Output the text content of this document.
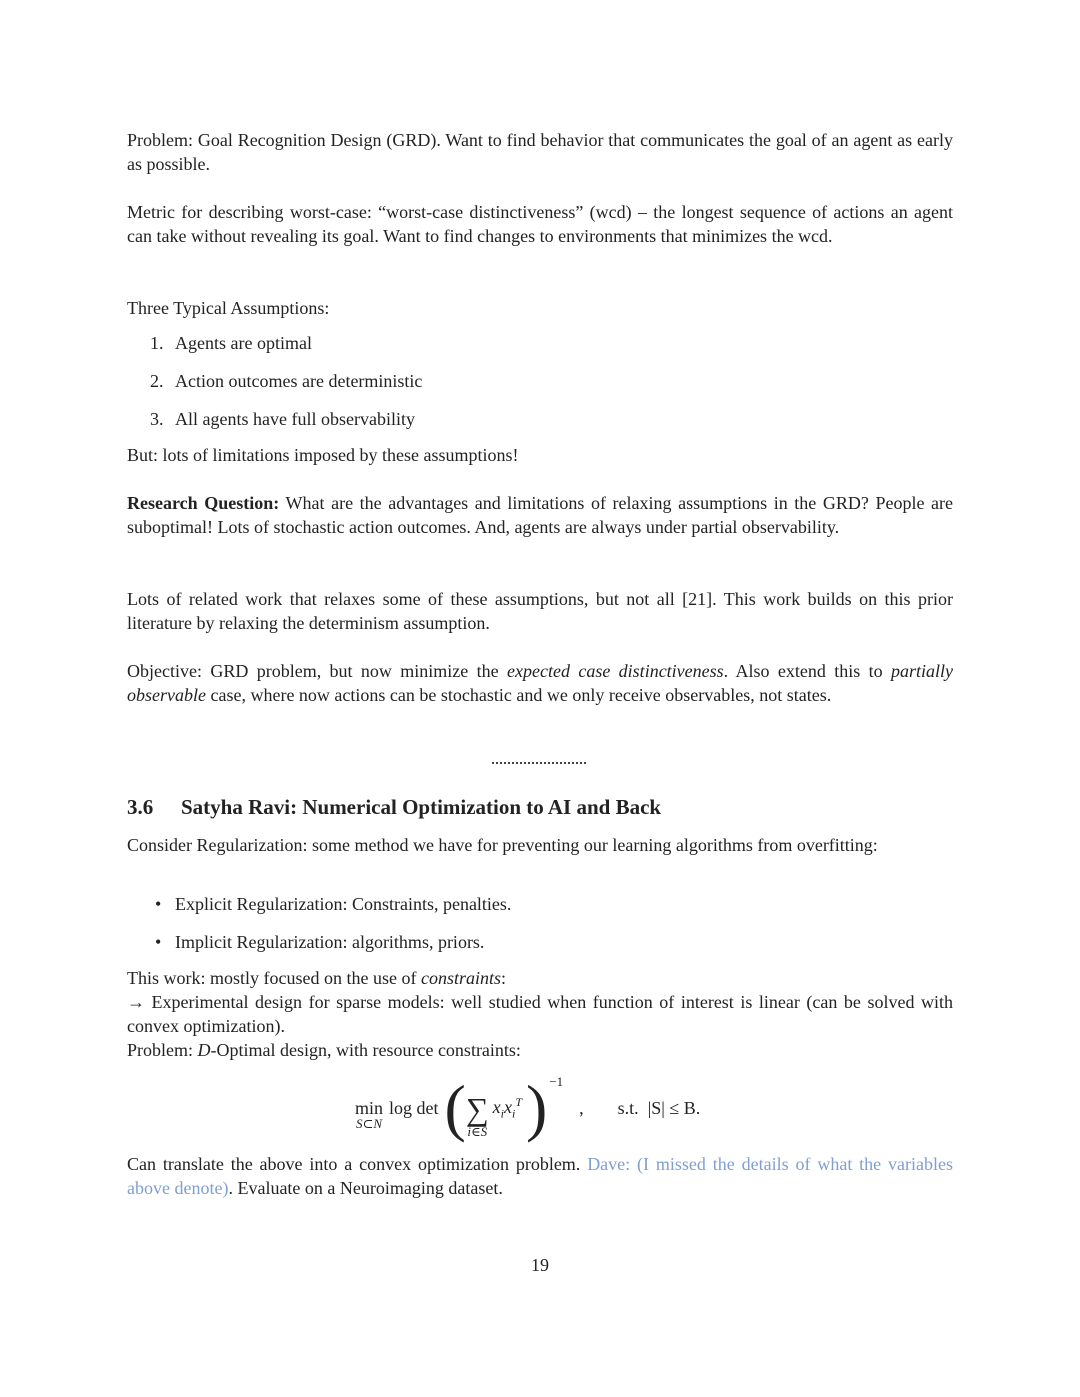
Problem: Goal Recognition Design (GRD). Want to find behavior that communicates the goal of an agent as early as possible.

Metric for describing worst-case: “worst-case distinctiveness” (wcd) – the longest sequence of actions an agent can take without revealing its goal. Want to find changes to environments that minimizes the wcd.

Three Typical Assumptions:

1. Agents are optimal
2. Action outcomes are deterministic
3. All agents have full observability

But: lots of limitations imposed by these assumptions!

Research Question: What are the advantages and limitations of relaxing assumptions in the GRD? People are suboptimal! Lots of stochastic action outcomes. And, agents are always under partial observability.

Lots of related work that relaxes some of these assumptions, but not all [21]. This work builds on this prior literature by relaxing the determinism assumption.

Objective: GRD problem, but now minimize the expected case distinctiveness. Also extend this to partially observable case, where now actions can be stochastic and we only receive observables, not states.

3.6 Satyha Ravi: Numerical Optimization to AI and Back

Consider Regularization: some method we have for preventing our learning algorithms from overfitting:

• Explicit Regularization: Constraints, penalties.
• Implicit Regularization: algorithms, priors.

This work: mostly focused on the use of constraints:

→ Experimental design for sparse models: well studied when function of interest is linear (can be solved with convex optimization).

Problem: D-Optimal design, with resource constraints:

min
S⊂N
log det ( ∑
i∈S
$x_ix_i^T$ ) −1
, s.t.  |S| ≤ B.

Can translate the above into a convex optimization problem. Dave: (I missed the details of what the variables above denote). Evaluate on a Neuroimaging dataset.

19
